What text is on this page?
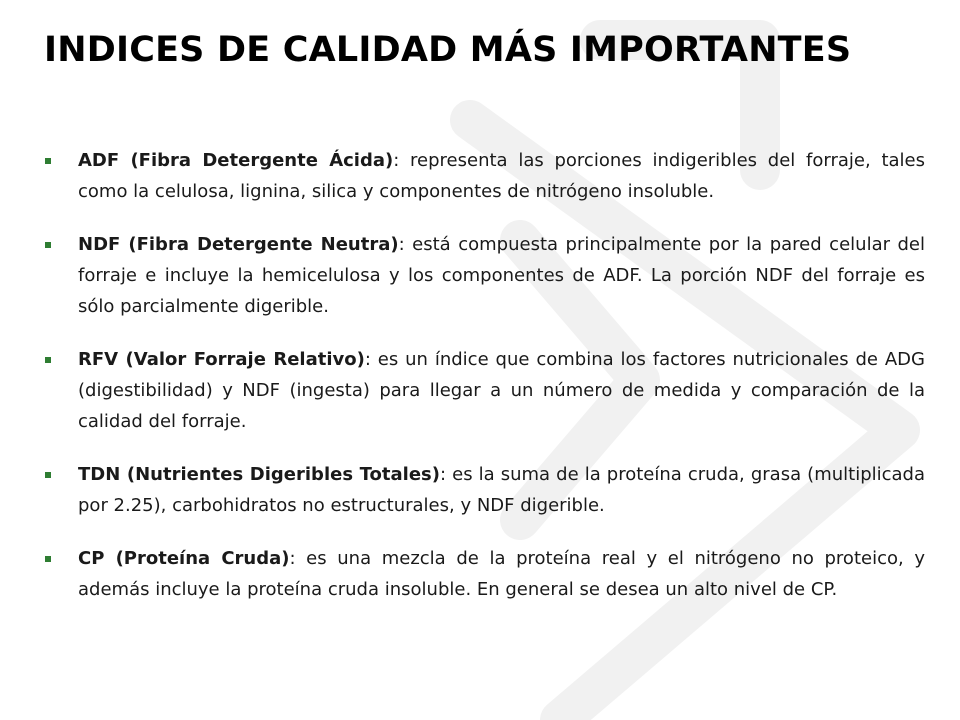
INDICES DE CALIDAD MÁS IMPORTANTES
ADF (Fibra Detergente Ácida): representa las porciones indigeribles del forraje, tales como la celulosa, lignina, silica y componentes de nitrógeno insoluble.
NDF (Fibra Detergente Neutra): está compuesta principalmente por la pared celular del forraje e incluye la hemicelulosa y los componentes de ADF. La porción NDF del forraje es sólo parcialmente digerible.
RFV (Valor Forraje Relativo): es un índice que combina los factores nutricionales de ADG (digestibilidad) y NDF (ingesta) para llegar a un número de medida y comparación de la calidad del forraje.
TDN (Nutrientes Digeribles Totales): es la suma de la proteína cruda, grasa (multiplicada por 2.25), carbohidratos no estructurales, y NDF digerible.
CP (Proteína Cruda): es una mezcla de la proteína real y el nitrógeno no proteico, y además incluye la proteína cruda insoluble. En general se desea un alto nivel de CP.
